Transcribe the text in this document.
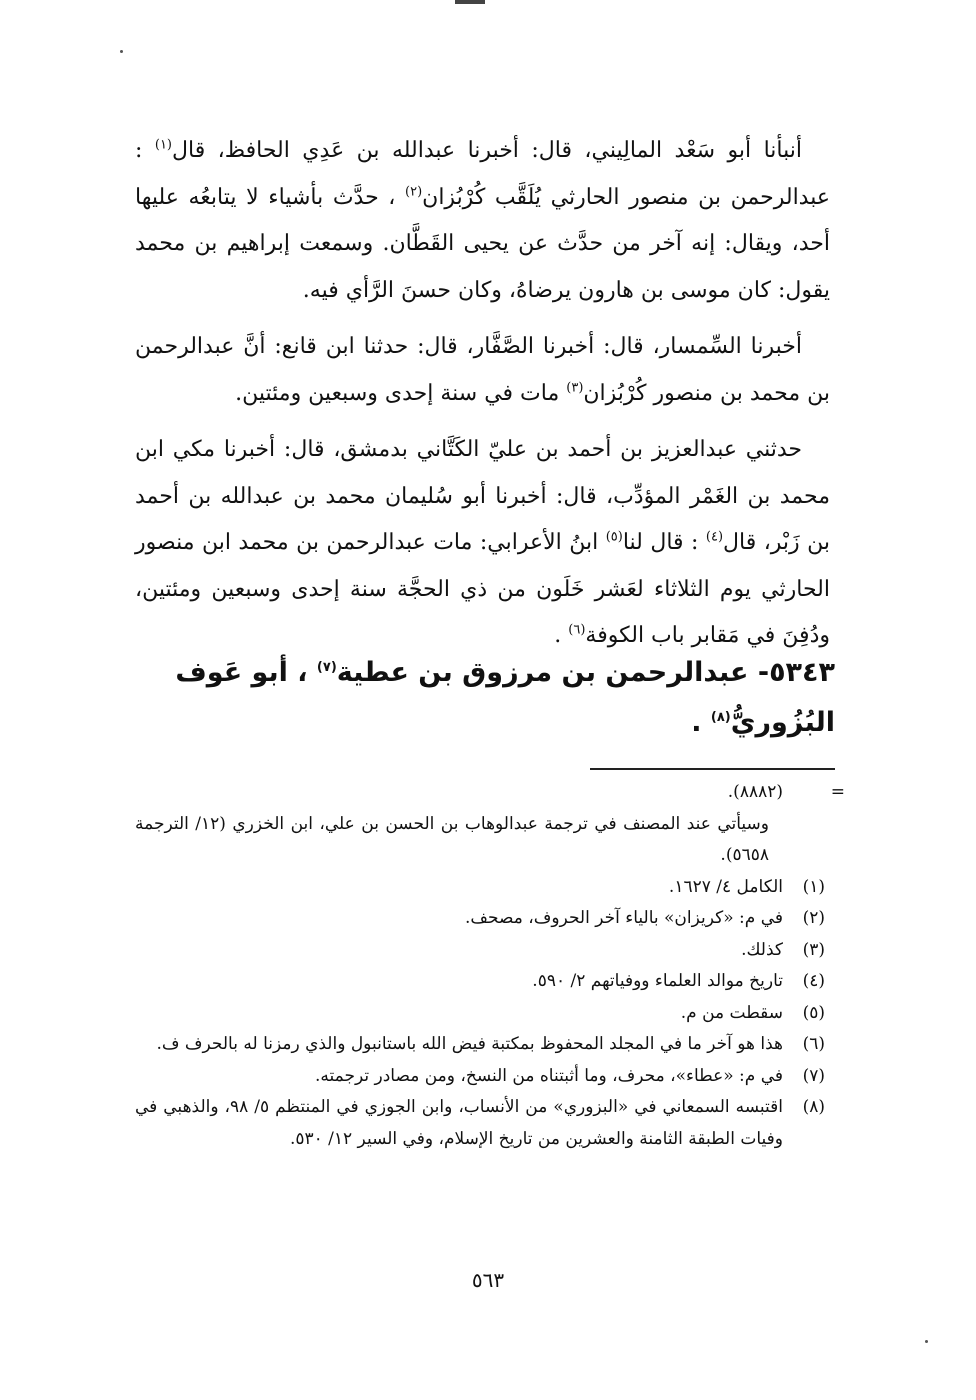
أنبأنا أبو سَعْد المالِيني، قال: أخبرنا عبدالله بن عَدِي الحافظ، قال$^{(١)}$ : عبدالرحمن بن منصور الحارثي يُلَقَّب كُرْبُزان$^{(٢)}$ ، حدَّث بأشياء لا يتابعُه عليها أحد، ويقال: إنه آخر من حدَّث عن يحيى القَطَّان. وسمعت إبراهيم بن محمد يقول: كان موسى بن هارون يرضاهُ، وكان حسنَ الرَّأي فيه.

أخبرنا السِّمسار، قال: أخبرنا الصَّفَّار، قال: حدثنا ابن قانع: أنَّ عبدالرحمن بن محمد بن منصور كُرْبُزان$^{(٣)}$ مات في سنة إحدى وسبعين ومئتين.

حدثني عبدالعزيز بن أحمد بن عليّ الكَتَّاني بدمشق، قال: أخبرنا مكي ابن محمد بن الغَمْر المؤدِّب، قال: أخبرنا أبو سُليمان محمد بن عبدالله بن أحمد بن زَبْر، قال$^{(٤)}$ : قال لنا$^{(٥)}$ ابنُ الأعرابي: مات عبدالرحمن بن محمد ابن منصور الحارثي يوم الثلاثاء لعَشر خَلَون من ذي الحجَّة سنة إحدى وسبعين ومئتين، ودُفِنَ في مَقابر باب الكوفة$^{(٦)}$ .

٥٣٤٣- عبدالرحمن بن مرزوق بن عطية$^{(٧)}$ ، أبو عَوف البُزُوريُّ$^{(٨)}$ .
=
(٨٨٨٢).
وسيأتي عند المصنف في ترجمة عبدالوهاب بن الحسن بن علي، ابن الخزري (١٢/ الترجمة ٥٦٥٨).
(١)
الكامل ٤/ ١٦٢٧.
(٢)
في م: «كريزان» بالياء آخر الحروف، مصحف.
(٣)
كذلك.
(٤)
تاريخ موالد العلماء ووفياتهم ٢/ ٥٩٠.
(٥)
سقطت من م.
(٦)
هذا هو آخر ما في المجلد المحفوظ بمكتبة فيض الله باستانبول والذي رمزنا له بالحرف ف.
(٧)
في م: «عطاء»، محرف، وما أثبتناه من النسخ، ومن مصادر ترجمته.
(٨)
اقتبسه السمعاني في «البزوري» من الأنساب، وابن الجوزي في المنتظم ٥/ ٩٨، والذهبي في وفيات الطبقة الثامنة والعشرين من تاريخ الإسلام، وفي السير ١٢/ ٥٣٠.
٥٦٣
